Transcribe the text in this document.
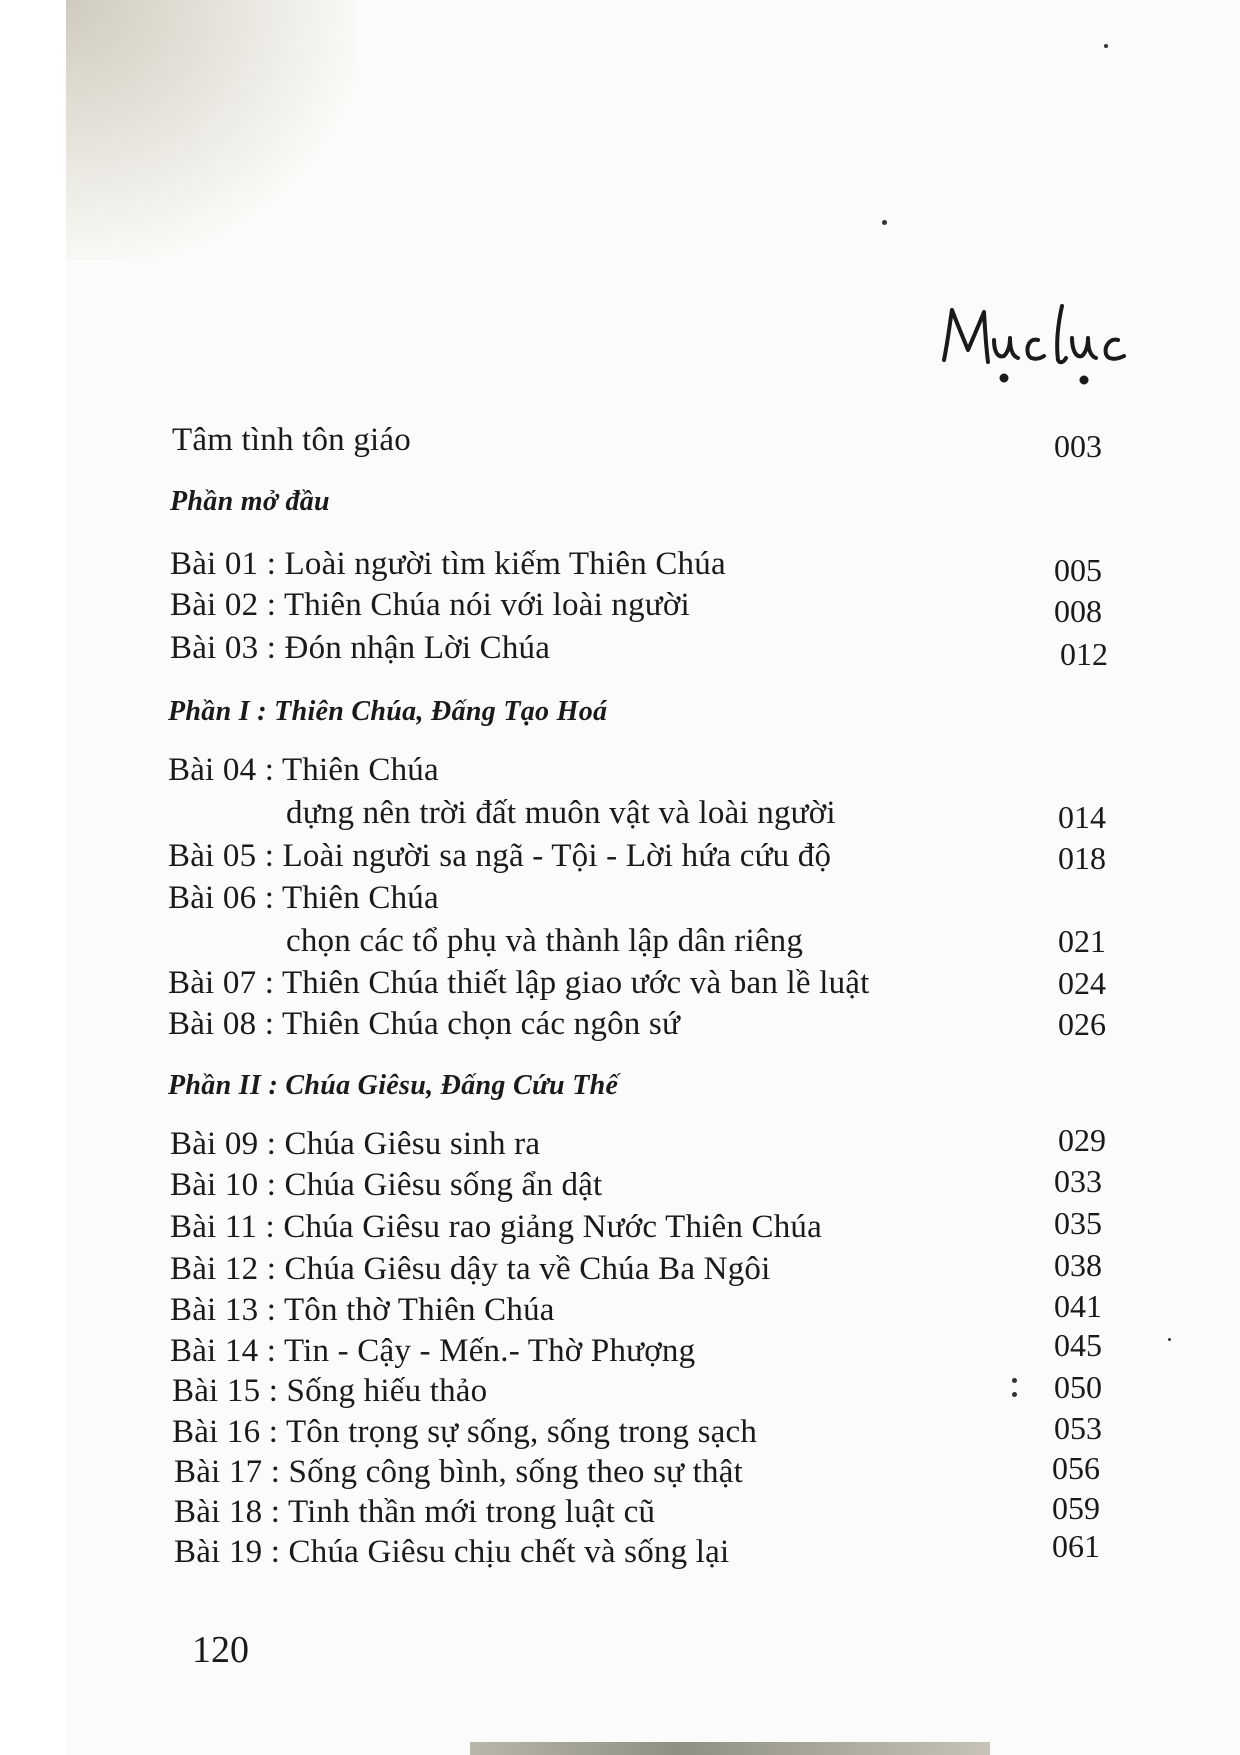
Tâm tình tôn giáo	003
Phần mở đầu
Bài 01 : Loài người tìm kiếm Thiên Chúa	005
Bài 02 : Thiên Chúa nói với loài người	008
Bài 03 : Đón nhận Lời Chúa	012
Phần I : Thiên Chúa, Đấng Tạo Hoá
Bài 04 : Thiên Chúa
dựng nên trời đất muôn vật và loài người	014
Bài 05 : Loài người sa ngã - Tội - Lời hứa cứu độ	018
Bài 06 : Thiên Chúa
chọn các tổ phụ và thành lập dân riêng	021
Bài 07 : Thiên Chúa thiết lập giao ước và ban lề luật	024
Bài 08 : Thiên Chúa chọn các ngôn sứ	026
Phần II : Chúa Giêsu, Đấng Cứu Thế
Bài 09 : Chúa Giêsu sinh ra	029
Bài 10 : Chúa Giêsu sống ẩn dật	033
Bài 11 : Chúa Giêsu rao giảng Nước Thiên Chúa	035
Bài 12 : Chúa Giêsu dậy ta về Chúa Ba Ngôi	038
Bài 13 : Tôn thờ Thiên Chúa	041
Bài 14 : Tin - Cậy - Mến.- Thờ Phượng	045
Bài 15 : Sống hiếu thảo	050
Bài 16 : Tôn trọng sự sống, sống trong sạch	053
Bài 17 : Sống công bình, sống theo sự thật	056
Bài 18 : Tinh thần mới trong luật cũ	059
Bài 19 : Chúa Giêsu chịu chết và sống lại	061
120
